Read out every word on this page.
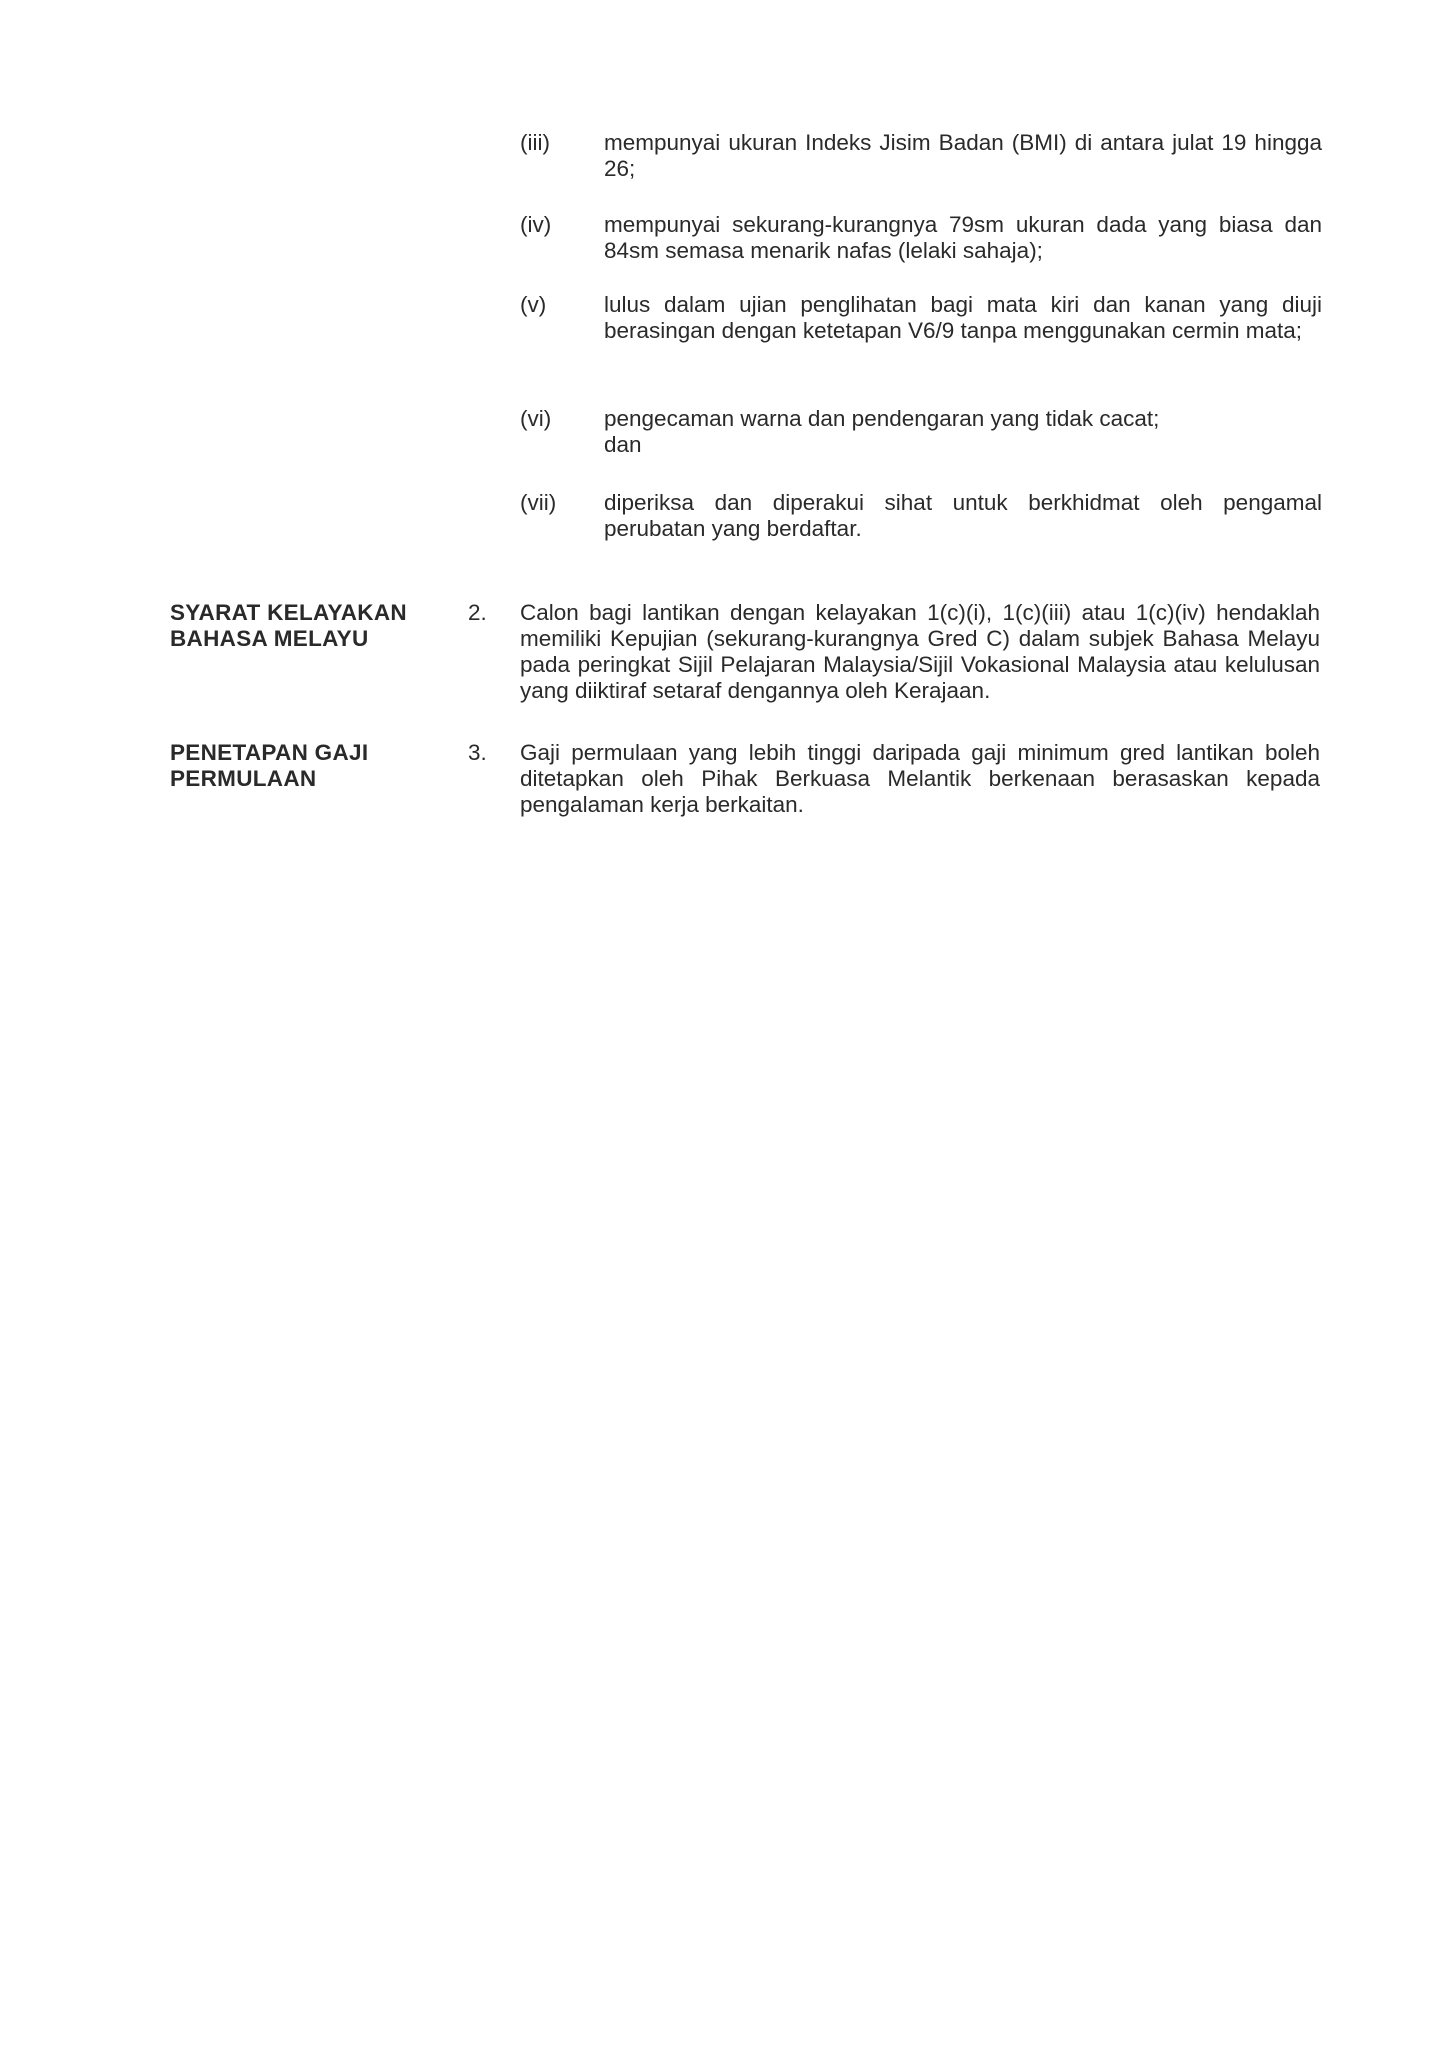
(iii)	mempunyai ukuran Indeks Jisim Badan (BMI) di antara julat 19 hingga 26;
(iv)	mempunyai sekurang-kurangnya 79sm ukuran dada yang biasa dan 84sm semasa menarik nafas (lelaki sahaja);
(v)	lulus dalam ujian penglihatan bagi mata kiri dan kanan yang diuji berasingan dengan ketetapan V6/9 tanpa menggunakan cermin mata;
(vi)	pengecaman warna dan pendengaran yang tidak cacat;
dan
(vii)	diperiksa dan diperakui sihat untuk berkhidmat oleh pengamal perubatan yang berdaftar.
SYARAT KELAYAKAN
BAHASA MELAYU
2. Calon bagi lantikan dengan kelayakan 1(c)(i), 1(c)(iii) atau 1(c)(iv) hendaklah memiliki Kepujian (sekurang-kurangnya Gred C) dalam subjek Bahasa Melayu pada peringkat Sijil Pelajaran Malaysia/Sijil Vokasional Malaysia atau kelulusan yang diiktiraf setaraf dengannya oleh Kerajaan.
PENETAPAN GAJI
PERMULAAN
3. Gaji permulaan yang lebih tinggi daripada gaji minimum gred lantikan boleh ditetapkan oleh Pihak Berkuasa Melantik berkenaan berasaskan kepada pengalaman kerja berkaitan.
